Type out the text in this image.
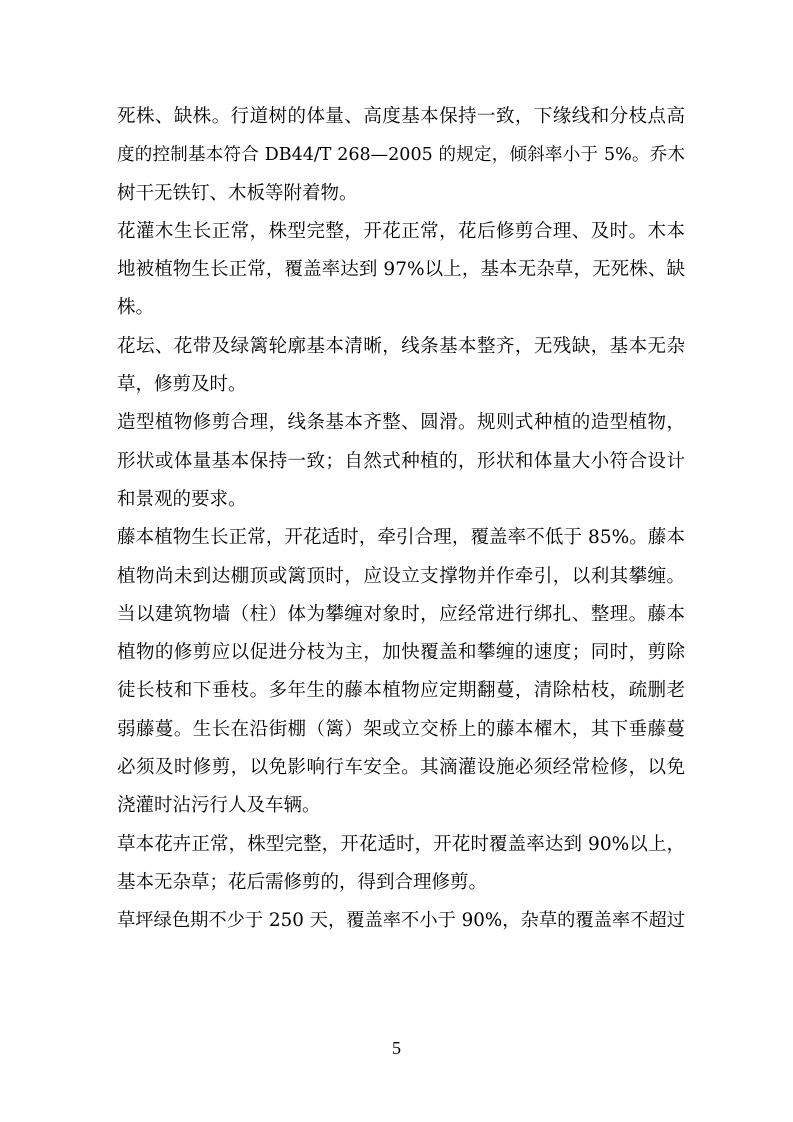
死株、缺株。行道树的体量、高度基本保持一致，下缘线和分枝点高
度的控制基本符合 DB44/T 268—2005 的规定，倾斜率小于 5%。乔木
树干无铁钉、木板等附着物。
花灌木生长正常，株型完整，开花正常，花后修剪合理、及时。木本
地被植物生长正常，覆盖率达到 97%以上，基本无杂草，无死株、缺
株。
花坛、花带及绿篱轮廓基本清晰，线条基本整齐，无残缺，基本无杂
草，修剪及时。
造型植物修剪合理，线条基本齐整、圆滑。规则式种植的造型植物，
形状或体量基本保持一致；自然式种植的，形状和体量大小符合设计
和景观的要求。
藤本植物生长正常，开花适时，牵引合理，覆盖率不低于 85%。藤本
植物尚未到达棚顶或篱顶时，应设立支撑物并作牵引，以利其攀缠。
当以建筑物墙（柱）体为攀缠对象时，应经常进行绑扎、整理。藤本
植物的修剪应以促进分枝为主，加快覆盖和攀缠的速度；同时，剪除
徒长枝和下垂枝。多年生的藤本植物应定期翻蔓，清除枯枝，疏删老
弱藤蔓。生长在沿街棚（篱）架或立交桥上的藤本櫂木，其下垂藤蔓
必须及时修剪，以免影响行车安全。其滴灌设施必须经常检修，以免
浇灌时沾污行人及车辆。
草本花卉正常，株型完整，开花适时，开花时覆盖率达到 90%以上，
基本无杂草；花后需修剪的，得到合理修剪。
草坪绿色期不少于 250 天，覆盖率不小于 90%，杂草的覆盖率不超过
5
